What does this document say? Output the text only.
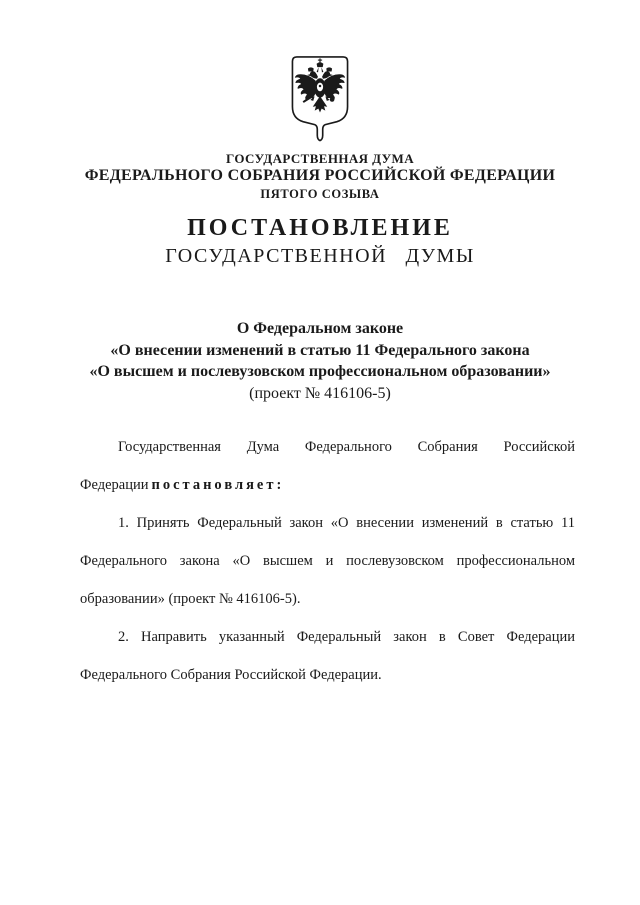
ГОСУДАРСТВЕННАЯ ДУМА
ФЕДЕРАЛЬНОГО СОБРАНИЯ РОССИЙСКОЙ ФЕДЕРАЦИИ
ПЯТОГО СОЗЫВА
ПОСТАНОВЛЕНИЕ
ГОСУДАРСТВЕННОЙ ДУМЫ
О Федеральном законе
«О внесении изменений в статью 11 Федерального закона
«О высшем и послевузовском профессиональном образовании»
(проект № 416106-5)
Государственная Дума Федерального Собрания Российской
Федерации постановляет:
1. Принять Федеральный закон «О внесении изменений в статью 11
Федерального закона «О высшем и послевузовском профессиональном
образовании» (проект № 416106-5).
2. Направить указанный Федеральный закон в Совет Федерации
Федерального Собрания Российской Федерации.
